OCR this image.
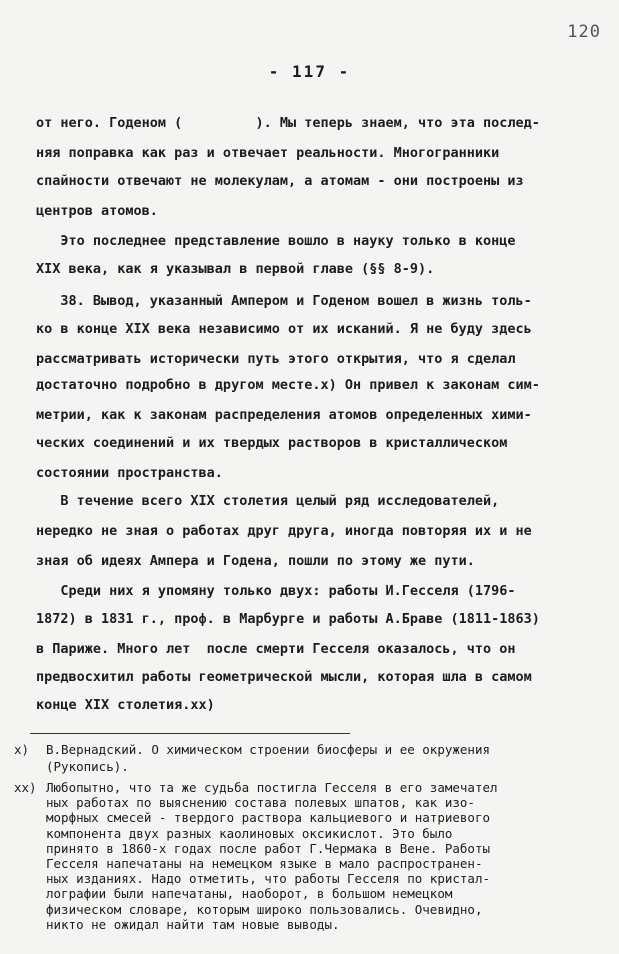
120
- 117 -
от него. Годеном (         ). Мы теперь знаем, что эта послед-
няя поправка как раз и отвечает реальности. Многогранники
спайности отвечают не молекулам, а атомам - они построены из
центров атомов.
Это последнее представление вошло в науку только в конце
XIX века, как я указывал в первой главе (§§ 8-9).
38. Вывод, указанный Ампером и Годеном вошел в жизнь толь-
ко в конце XIX века независимо от их исканий. Я не буду здесь
рассматривать исторически путь этого открытия, что я сделал
достаточно подробно в другом месте.x) Он привел к законам сим-
метрии, как к законам распределения атомов определенных хими-
ческих соединений и их твердых растворов в кристаллическом
состоянии пространства.
В течение всего XIX столетия целый ряд исследователей,
нередко не зная о работах друг друга, иногда повторяя их и не
зная об идеях Ампера и Годена, пошли по этому же пути.
Среди них я упомяну только двух: работы И.Гесселя (1796-
1872) в 1831 г., проф. в Марбурге и работы А.Браве (1811-1863)
в Париже. Много лет  после смерти Гесселя оказалось, что он
предвосхитил работы геометрической мысли, которая шла в самом
конце XIX столетия.xx)
x) В.Вернадский. О химическом строении биосферы и ее окружения
(Рукопись).
xx) Любопытно, что та же судьба постигла Гесселя в его замечател
ных работах по выяснению состава полевых шпатов, как изо-
морфных смесей - твердого раствора кальциевого и натриевого
компонента двух разных каолиновых оксикислот. Это было
принято в 1860-х годах после работ Г.Чермака в Вене. Работы
Гесселя напечатаны на немецком языке в мало распространен-
ных изданиях. Надо отметить, что работы Гесселя по кристал-
лографии были напечатаны, наоборот, в большом немецком
физическом словаре, которым широко пользовались. Очевидно,
никто не ожидал найти там новые выводы.
